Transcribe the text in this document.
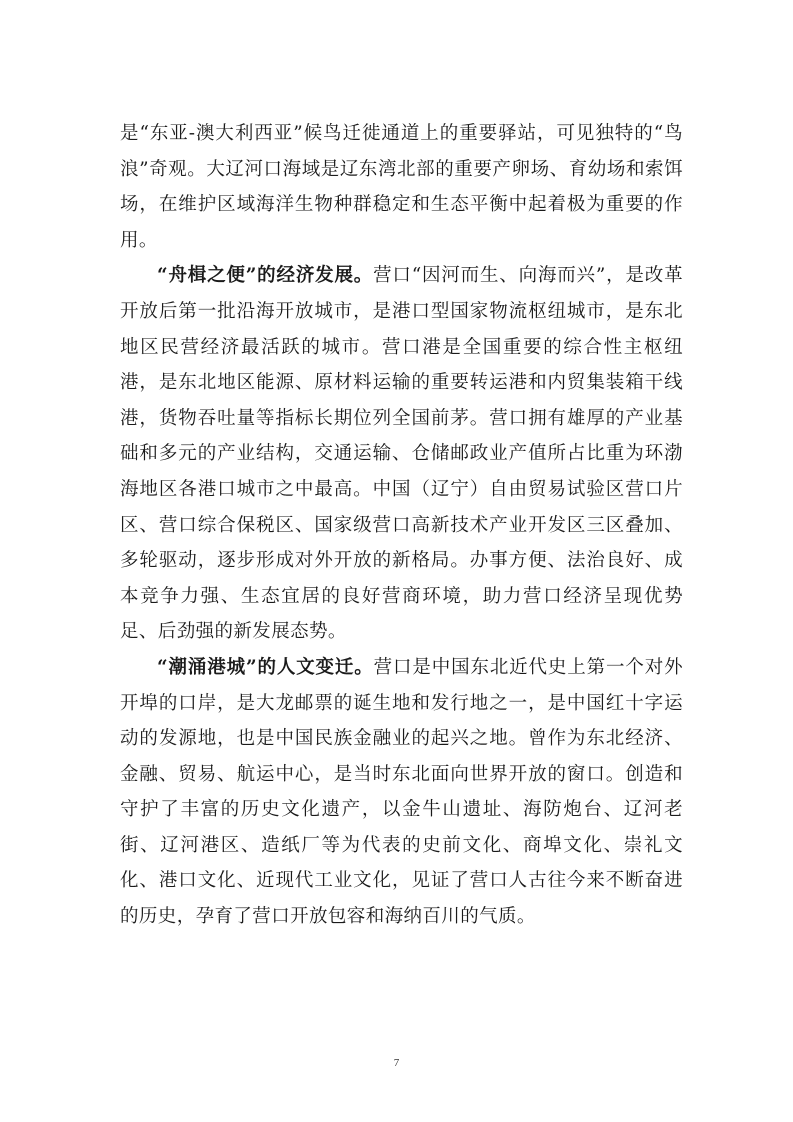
是“东亚-澳大利西亚”候鸟迁徙通道上的重要驿站，可见独特的“鸟浪”奇观。大辽河口海域是辽东湾北部的重要产卵场、育幼场和索饵场，在维护区域海洋生物种群稳定和生态平衡中起着极为重要的作用。

“舟楫之便”的经济发展。营口“因河而生、向海而兴”，是改革开放后第一批沿海开放城市，是港口型国家物流枢纽城市，是东北地区民营经济最活跃的城市。营口港是全国重要的综合性主枢纽港，是东北地区能源、原材料运输的重要转运港和内贸集装箱干线港，货物吞吐量等指标长期位列全国前茅。营口拥有雄厚的产业基础和多元的产业结构，交通运输、仓储邮政业产值所占比重为环渤海地区各港口城市之中最高。中国（辽宁）自由贸易试验区营口片区、营口综合保税区、国家级营口高新技术产业开发区三区叠加、多轮驱动，逐步形成对外开放的新格局。办事方便、法治良好、成本竞争力强、生态宜居的良好营商环境，助力营口经济呈现优势足、后劲强的新发展态势。

“潮涌港城”的人文变迁。营口是中国东北近代史上第一个对外开埠的口岸，是大龙邮票的诞生地和发行地之一，是中国红十字运动的发源地，也是中国民族金融业的起兴之地。曾作为东北经济、金融、贸易、航运中心，是当时东北面向世界开放的窗口。创造和守护了丰富的历史文化遗产，以金牛山遗址、海防炮台、辽河老街、辽河港区、造纸厂等为代表的史前文化、商埠文化、崇礼文化、港口文化、近现代工业文化，见证了营口人古往今来不断奋进的历史，孕育了营口开放包容和海纳百川的气质。

7
